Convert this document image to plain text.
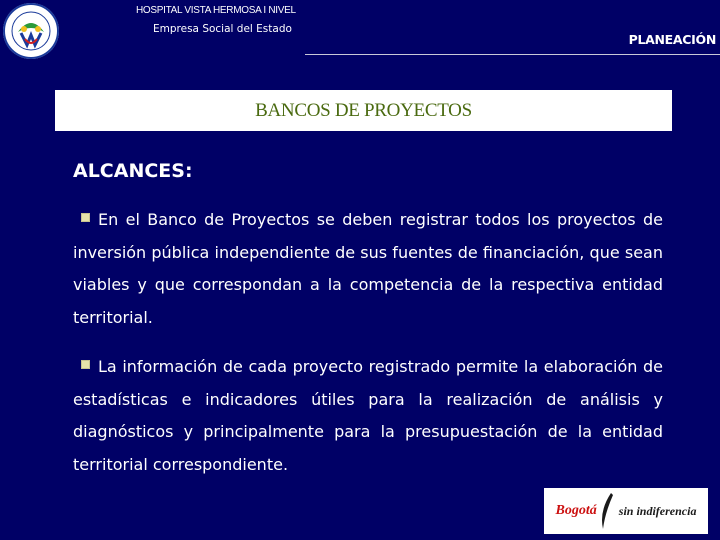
HOSPITAL VISTA HERMOSA I NIVEL
Empresa Social del Estado
PLANEACIÓN
BANCOS DE PROYECTOS
ALCANCES:
En el Banco de Proyectos se deben registrar todos los proyectos de inversión pública independiente de sus fuentes de financiación, que sean viables y que correspondan a la competencia de la respectiva entidad territorial.
La información de cada proyecto registrado permite la elaboración de estadísticas e indicadores útiles para la realización de análisis y diagnósticos y principalmente para la presupuestación de la entidad territorial correspondiente.
Bogotá sin indiferencia
